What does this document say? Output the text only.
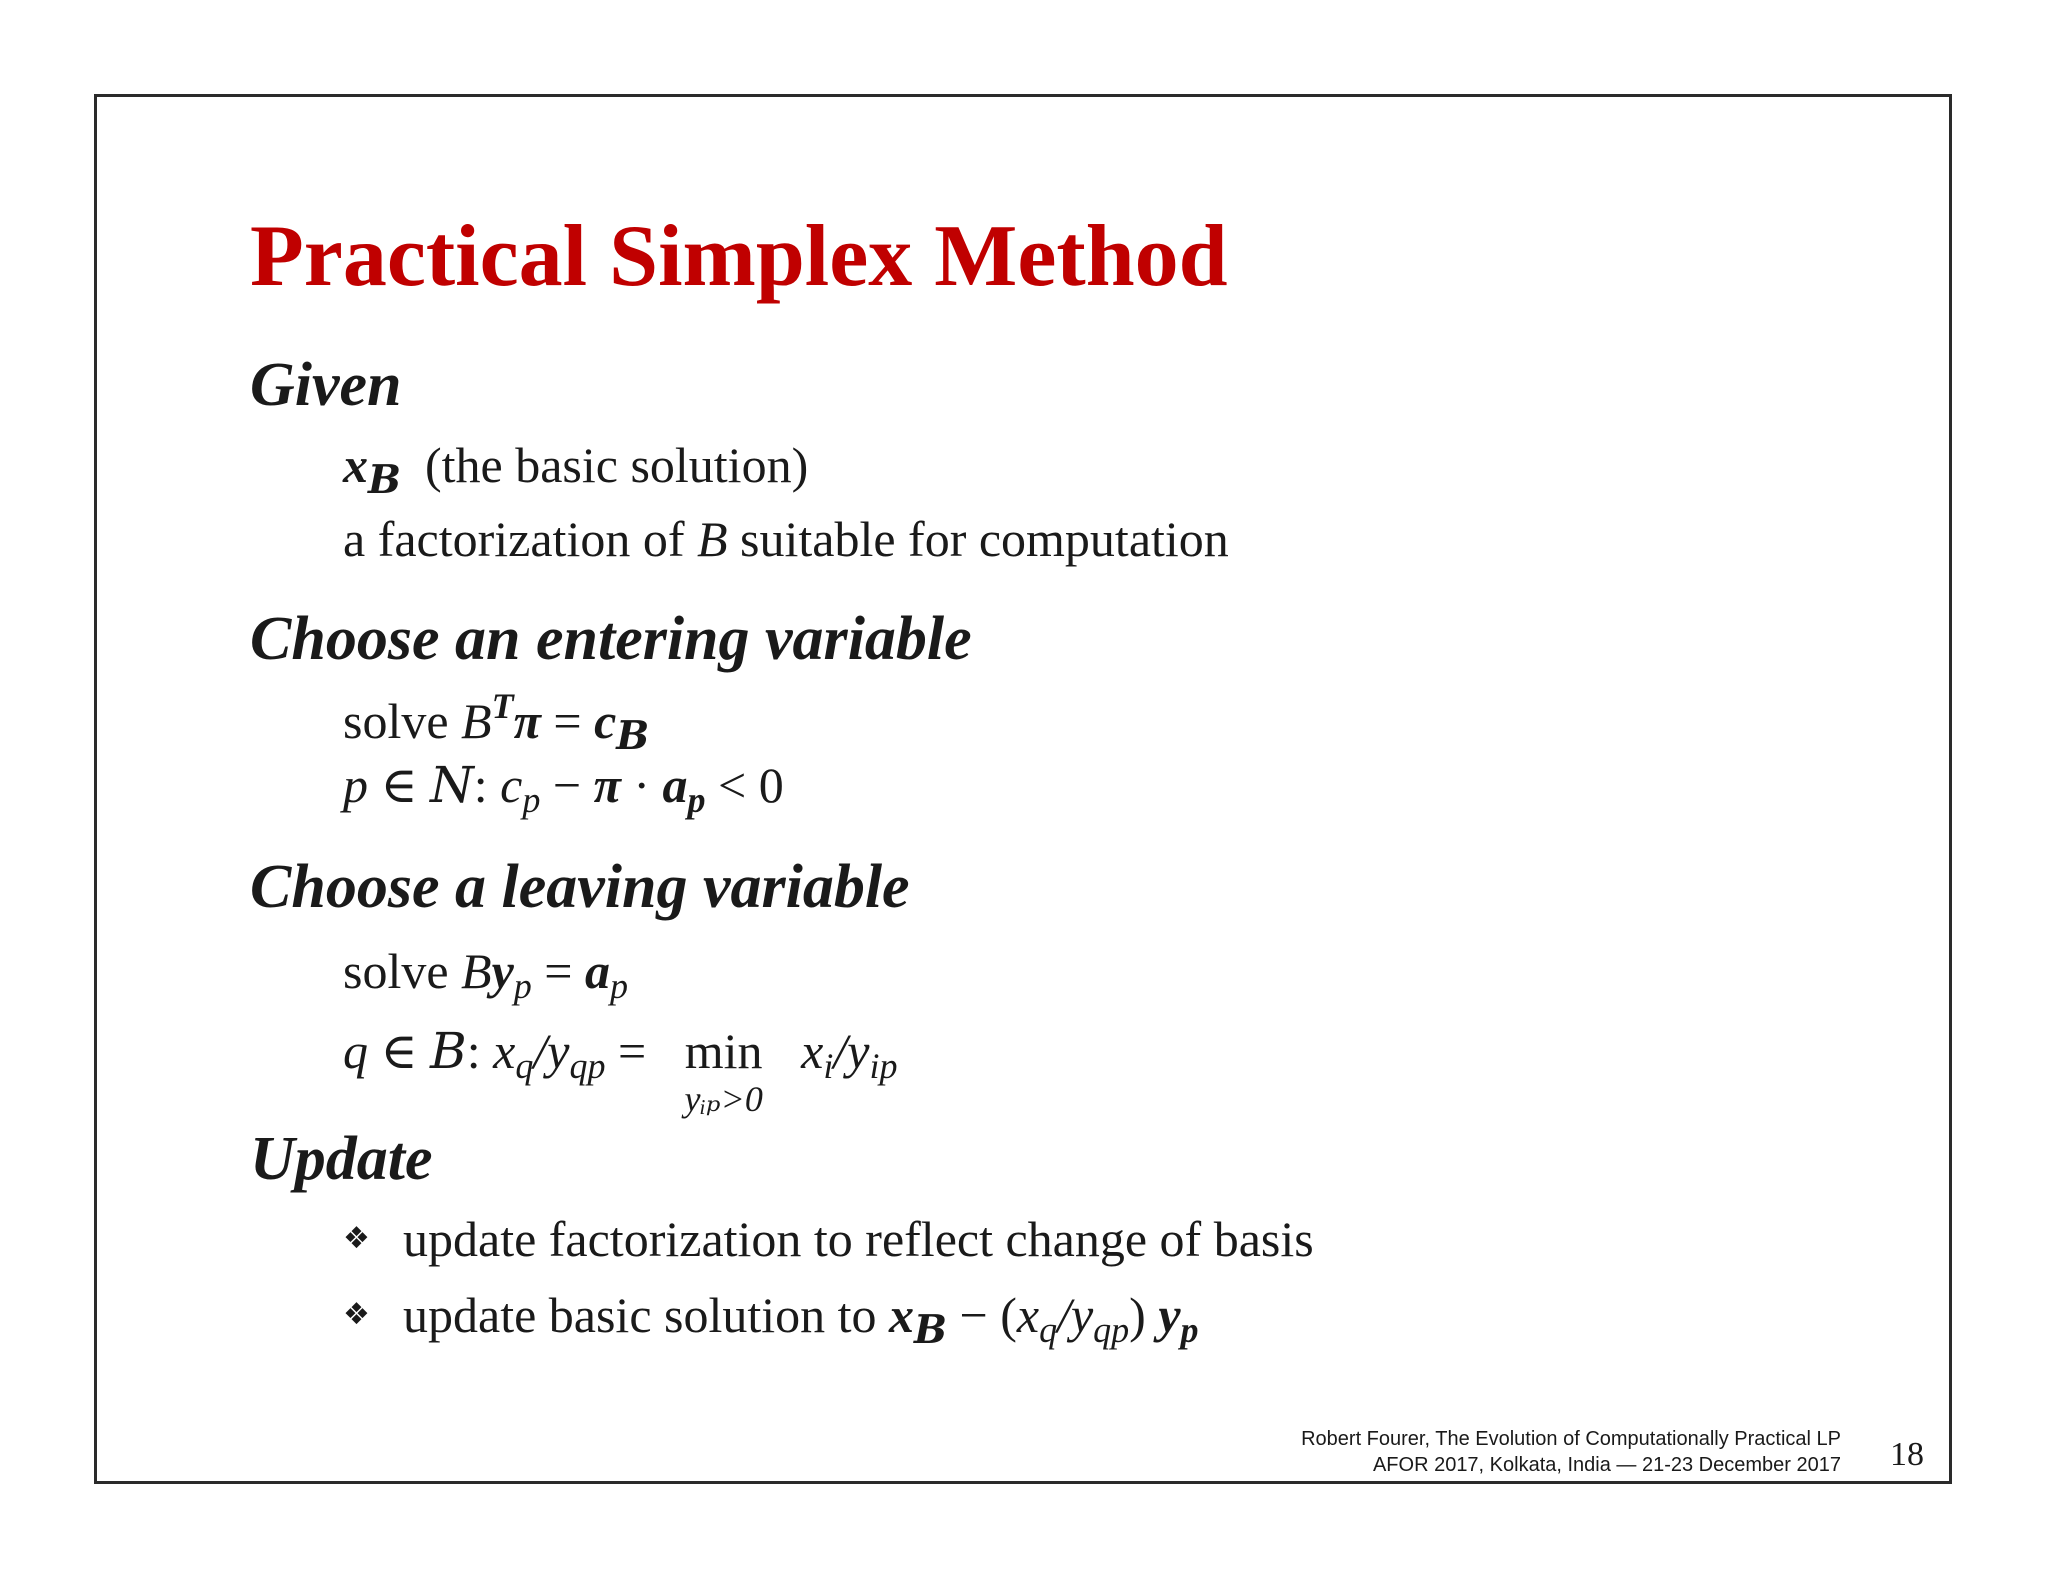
Practical Simplex Method
Given
$x_B$ (the basic solution)
a factorization of B suitable for computation
Choose an entering variable
solve $B^T\pi = c_B$
p ∈ N: $c_p - \pi \cdot a_p < 0$
Choose a leaving variable
solve $By_p = a_p$
q ∈ B: $x_q/y_{qp} = \min$
yᵢₚ>0
$x_i/y_{ip}$
Update
❖ update factorization to reflect change of basis
❖ update basic solution to $x_B - (x_q/y_{qp})$ $y_p$
Robert Fourer, The Evolution of Computationally Practical LP
AFOR 2017, Kolkata, India — 21-23 December 2017 18
